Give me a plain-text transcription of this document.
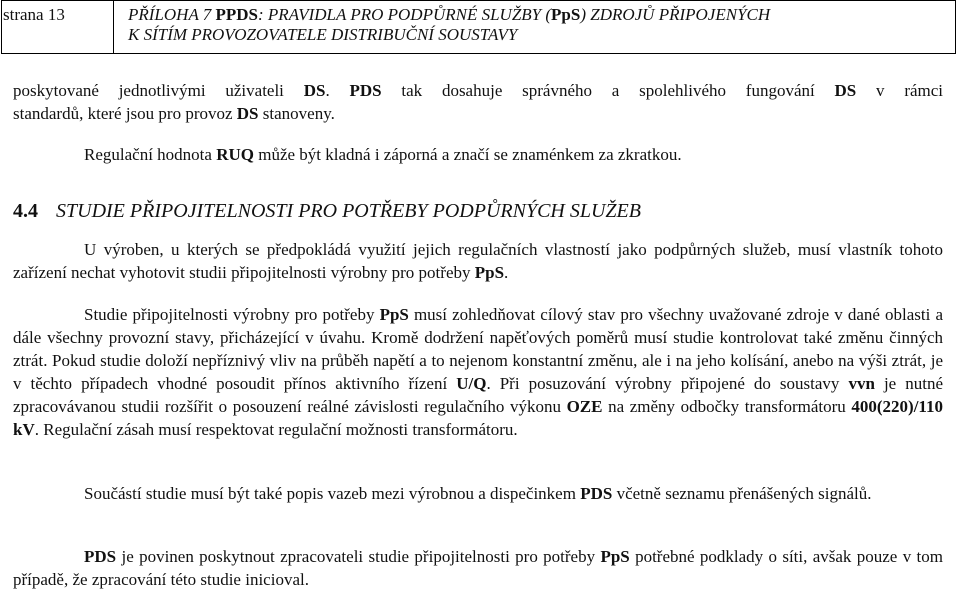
strana 13	PŘÍLOHA 7 PPDS: PRAVIDLA PRO PODPŮRNÉ SLUŽBY (PpS) ZDROJŮ PŘIPOJENÝCH
K SÍTÍM PROVOZOVATELE DISTRIBUČNÍ SOUSTAVY
poskytované jednotlivými uživateli DS. PDS tak dosahuje správného a spolehlivého fungování DS v rámci
standardů, které jsou pro provoz DS stanoveny.
Regulační hodnota RUQ může být kladná i záporná a značí se znaménkem za zkratkou.
4.4 STUDIE PŘIPOJITELNOSTI PRO POTŘEBY PODPŮRNÝCH SLUŽEB
U výroben, u kterých se předpokládá využití jejich regulačních vlastností jako podpůrných služeb, musí vlastník tohoto zařízení nechat vyhotovit studii připojitelnosti výrobny pro potřeby PpS.
Studie připojitelnosti výrobny pro potřeby PpS musí zohledňovat cílový stav pro všechny uvažované zdroje v dané oblasti a dále všechny provozní stavy, přicházející v úvahu. Kromě dodržení napěťových poměrů musí studie kontrolovat také změnu činných ztrát. Pokud studie doloží nepříznivý vliv na průběh napětí a to nejenom konstantní změnu, ale i na jeho kolísání, anebo na výši ztrát, je v těchto případech vhodné posoudit přínos aktivního řízení U/Q. Při posuzování výrobny připojené do soustavy vvn je nutné zpracovávanou studii rozšířit o posouzení reálné závislosti regulačního výkonu OZE na změny odbočky transformátoru 400(220)/110 kV. Regulační zásah musí respektovat regulační možnosti transformátoru.
Součástí studie musí být také popis vazeb mezi výrobnou a dispečinkem PDS včetně seznamu přenášených signálů.
PDS je povinen poskytnout zpracovateli studie připojitelnosti pro potřeby PpS potřebné podklady o síti, avšak pouze v tom případě, že zpracování této studie inicioval.
